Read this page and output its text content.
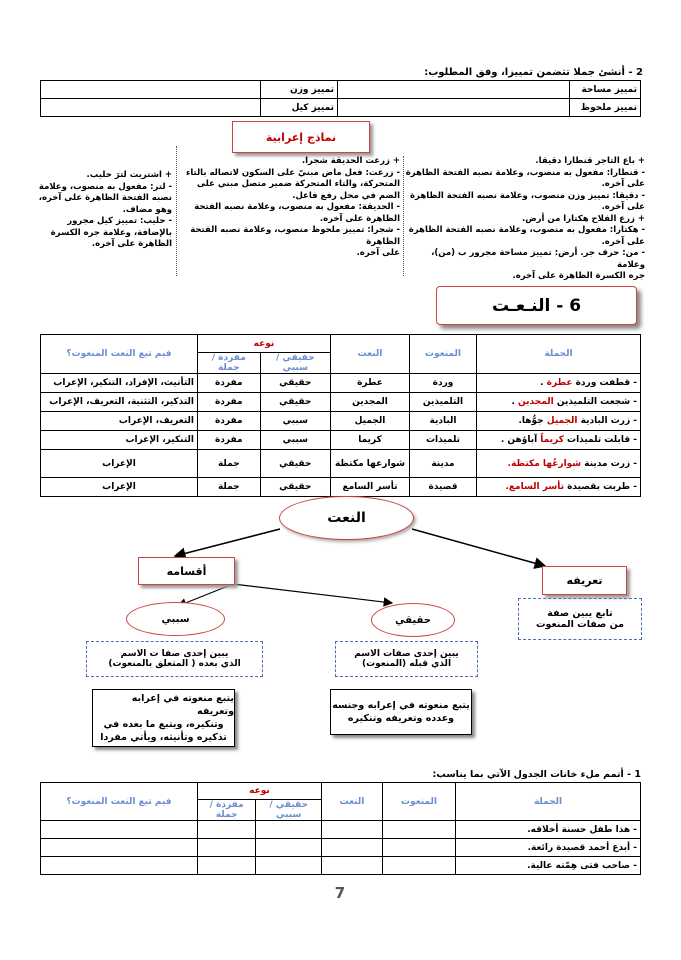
2 - أنشئ جملا تتضمن تمييزا، وفق المطلوب:
تمييز مساحة		تمييز وزن	
تمييز ملحوظ		تمييز كيل	
نماذج إعرابية
+ باع التاجر قنطارا دقيقا.
- قنطارا: مفعول به منصوب، وعلامة نصبه الفتحة الظاهرة على آخره.
- دقيقا: تمييز وزن منصوب، وعلامة نصبه الفتحة الظاهرة على آخره.
+ زرع الفلاح هكتارا من أرض.
- هكتارا: مفعول به منصوب، وعلامة نصبه الفتحة الظاهرة على آخره.
- من: حرف جر. أرض: تمييز مساحة مجرور ب (من)، وعلامة
جره الكسرة الظاهرة على آخره.
+ زرعت الحديقة شجرا.
- زرعت: فعل ماض مبنيّ على السكون لاتصاله بالتاء المتحركة، والتاء المتحركة ضمير متصل مبني على الضم في محل رفع فاعل.
- الحديقة: مفعول به منصوب، وعلامة نصبه الفتحة الظاهرة على آخره.
- شجرا: تمييز ملحوظ منصوب، وعلامة نصبه الفتحة الظاهرة
على آخره.
+ اشتريت لترَ حليب.
- لتر: مفعول به منصوب، وعلامة نصبه الفتحة الظاهرة على آخره، وهو مضاف.
- حليب: تمييز كيل مجرور بالإضافة، وعلامة جره الكسرة الظاهرة على آخره.
6 - النـعـت
الجملة	المنعوت	النعت	نوعه		فيم تبع النعت المنعوت؟
			حقيقي / سببي	مفردة / جملة	
- قطفت وردة عطرة .	وردة	عطرة	حقيقي	مفردة	التأنيث، الإفراد، التنكير، الإعراب
- شجعت التلميذين المجدين .	التلميذين	المجدين	حقيقي	مفردة	التذكير، التثنية، التعريف، الإعراب
- زرت البادية الجميل جوُّها.	البادية	الجميل	سببي	مفردة	التعريف، الإعراب
- قابلت تلميذات كريماً آباؤهن .	تلميذات	كريما	سببي	مفردة	التنكير، الإعراب
- زرت مدينة شوارعُها مكتظة.	مدينة	شوارعها مكتظة	حقيقي	جملة	الإعراب
- طربت بقصيدة تأسر السامع.	قصيدة	تأسر السامع	حقيقي	جملة	الإعراب
النعت
أقسامه
تعريفه
تابع يبين صفة
من صفات المنعوت
سببي	حقيقي
يبين إحدى صفا ت الاسم
الذي بعده ( المتعلق بالمنعوت)
يبين إحدى صفات الاسم
الذي قبله (المنعوت)
يتبع منعوته في إعرابه وتعريفه
وتنكيره، ويتبع ما بعده في
تذكيره وتأنيثه، ويأتي مفردا
يتبع منعوته في إعرابه وجنسه
وعدده وتعريفه وتنكيره
1 - أتمم ملء خانات الجدول الآتي بما يناسب:
الجملة	المنعوت	النعت	نوعه		فيم تبع النعت المنعوت؟
			حقيقي / سببي	مفردة / جملة	
- هذا طفل حسنة أخلاقه.					
- أبدع أحمد قصيدة رائعة.					
- صاحب فتى هِمّته عالية.					
7
